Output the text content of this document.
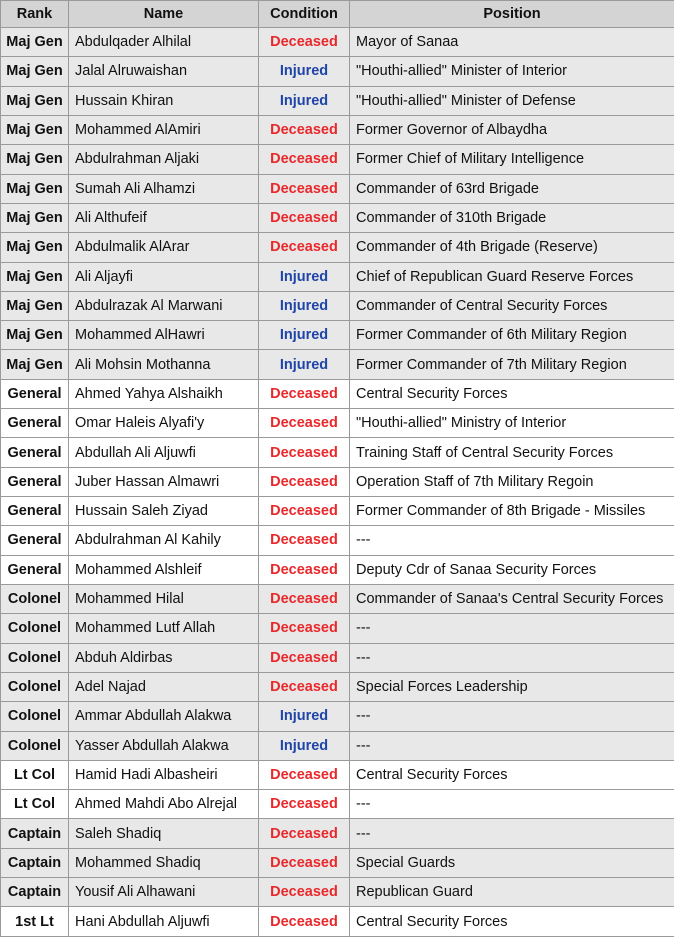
Rank	Name	Condition	Position
Maj Gen	Abdulqader Alhilal	Deceased	Mayor of Sanaa
Maj Gen	Jalal Alruwaishan	Injured	"Houthi-allied" Minister of Interior
Maj Gen	Hussain Khiran	Injured	"Houthi-allied" Minister of Defense
Maj Gen	Mohammed AlAmiri	Deceased	Former Governor of Albaydha
Maj Gen	Abdulrahman Aljaki	Deceased	Former Chief of Military Intelligence
Maj Gen	Sumah Ali Alhamzi	Deceased	Commander of 63rd Brigade
Maj Gen	Ali Althufeif	Deceased	Commander of 310th Brigade
Maj Gen	Abdulmalik AlArar	Deceased	Commander of 4th Brigade (Reserve)
Maj Gen	Ali Aljayfi	Injured	Chief of Republican Guard Reserve Forces
Maj Gen	Abdulrazak Al Marwani	Injured	Commander of Central Security Forces
Maj Gen	Mohammed AlHawri	Injured	Former Commander of 6th Military Region
Maj Gen	Ali Mohsin Mothanna	Injured	Former Commander of 7th Military Region
General	Ahmed Yahya Alshaikh	Deceased	Central Security Forces
General	Omar Haleis Alyafi'y	Deceased	"Houthi-allied" Ministry of Interior
General	Abdullah Ali Aljuwfi	Deceased	Training Staff of Central Security Forces
General	Juber Hassan Almawri	Deceased	Operation Staff of 7th Military Regoin
General	Hussain Saleh Ziyad	Deceased	Former Commander of 8th Brigade - Missiles
General	Abdulrahman Al Kahily	Deceased	---
General	Mohammed Alshleif	Deceased	Deputy Cdr of Sanaa Security Forces
Colonel	Mohammed Hilal	Deceased	Commander of Sanaa's Central Security Forces
Colonel	Mohammed Lutf Allah	Deceased	---
Colonel	Abduh Aldirbas	Deceased	---
Colonel	Adel Najad	Deceased	Special Forces Leadership
Colonel	Ammar Abdullah Alakwa	Injured	---
Colonel	Yasser Abdullah Alakwa	Injured	---
Lt Col	Hamid Hadi Albasheiri	Deceased	Central Security Forces
Lt Col	Ahmed Mahdi Abo Alrejal	Deceased	---
Captain	Saleh Shadiq	Deceased	---
Captain	Mohammed Shadiq	Deceased	Special Guards
Captain	Yousif Ali Alhawani	Deceased	Republican Guard
1st Lt	Hani Abdullah Aljuwfi	Deceased	Central Security Forces
